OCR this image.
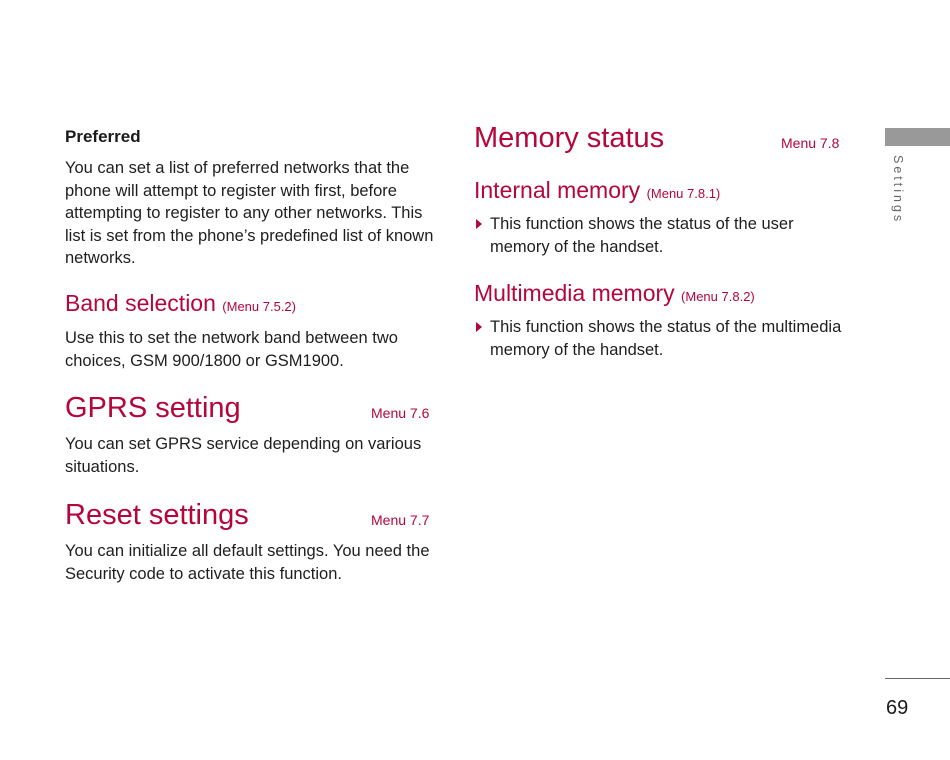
Preferred
You can set a list of preferred networks that the phone will attempt to register with first, before attempting to register to any other networks. This list is set from the phone’s predefined list of known networks.
Band selection (Menu 7.5.2)
Use this to set the network band between two choices, GSM 900/1800 or GSM1900.
GPRS setting	Menu 7.6
You can set GPRS service depending on various situations.
Reset settings	Menu 7.7
You can initialize all default settings. You need the Security code to activate this function.
Memory status	Menu 7.8
Internal memory (Menu 7.8.1)
This function shows the status of the user memory of the handset.
Multimedia memory (Menu 7.8.2)
This function shows the status of the multimedia memory of the handset.
Settings
69
